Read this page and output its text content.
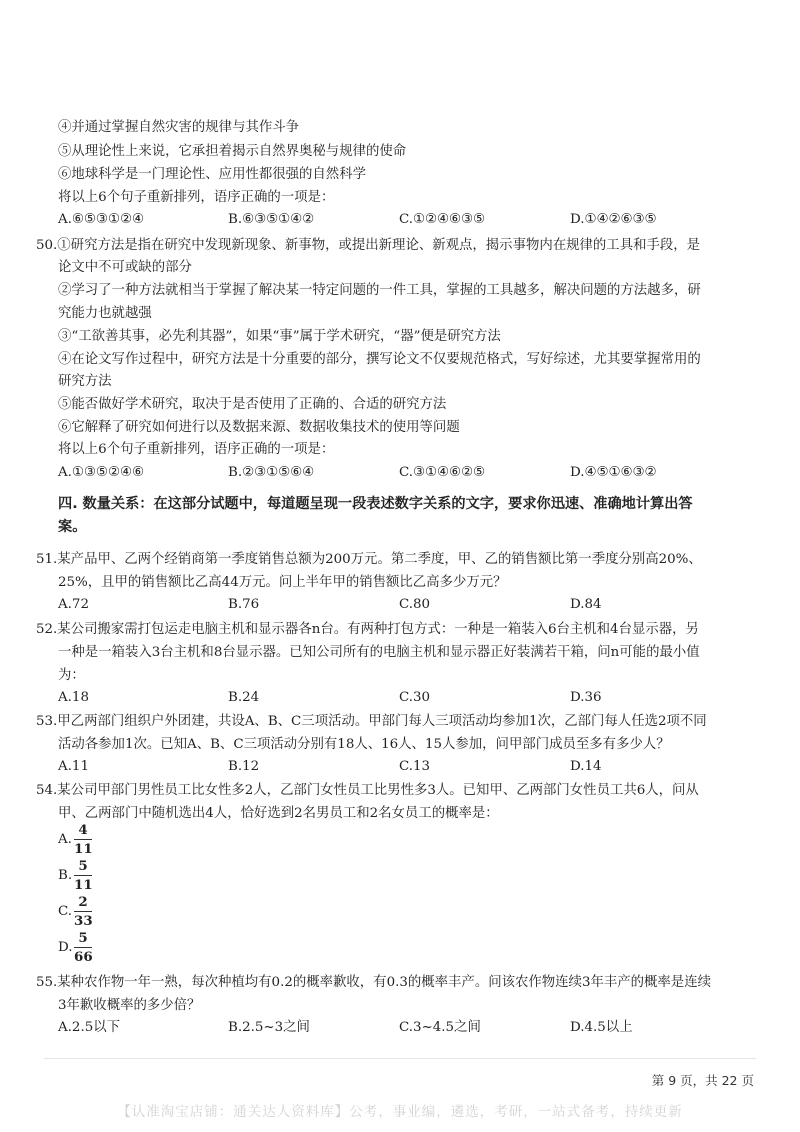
④并通过掌握自然灾害的规律与其作斗争
⑤从理论性上来说，它承担着揭示自然界奥秘与规律的使命
⑥地球科学是一门理论性、应用性都很强的自然科学
将以上6个句子重新排列，语序正确的一项是：
A.⑥⑤③①②④	B.⑥③⑤①④②	C.①②④⑥③⑤	D.①④②⑥③⑤
50.①研究方法是指在研究中发现新现象、新事物，或提出新理论、新观点，揭示事物内在规律的工具和手段，是
论文中不可或缺的部分
②学习了一种方法就相当于掌握了解决某一特定问题的一件工具，掌握的工具越多，解决问题的方法越多，研
究能力也就越强
③“工欲善其事，必先利其器”，如果“事”属于学术研究，“器”便是研究方法
④在论文写作过程中，研究方法是十分重要的部分，撰写论文不仅要规范格式，写好综述，尤其要掌握常用的
研究方法
⑤能否做好学术研究，取决于是否使用了正确的、合适的研究方法
⑥它解释了研究如何进行以及数据来源、数据收集技术的使用等问题
将以上6个句子重新排列，语序正确的一项是：
A.①③⑤②④⑥	B.②③①⑤⑥④	C.③①④⑥②⑤	D.④⑤①⑥③②
四. 数量关系：在这部分试题中，每道题呈现一段表述数字关系的文字，要求你迅速、准确地计算出答
案。
51.某产品甲、乙两个经销商第一季度销售总额为200万元。第二季度，甲、乙的销售额比第一季度分别高20%、
25%，且甲的销售额比乙高44万元。问上半年甲的销售额比乙高多少万元？
A.72	B.76	C.80	D.84
52.某公司搬家需打包运走电脑主机和显示器各n台。有两种打包方式：一种是一箱装入6台主机和4台显示器，另
一种是一箱装入3台主机和8台显示器。已知公司所有的电脑主机和显示器正好装满若干箱，问n可能的最小值
为：
A.18	B.24	C.30	D.36
53.甲乙两部门组织户外团建，共设A、B、C三项活动。甲部门每人三项活动均参加1次，乙部门每人任选2项不同
活动各参加1次。已知A、B、C三项活动分别有18人、16人、15人参加，问甲部门成员至多有多少人？
A.11	B.12	C.13	D.14
54.某公司甲部门男性员工比女性多2人，乙部门女性员工比男性多3人。已知甲、乙两部门女性员工共6人，问从
甲、乙两部门中随机选出4人，恰好选到2名男员工和2名女员工的概率是：
A.
4
11
B.
5
11
C.
2
33
D.
5
66
55.某种农作物一年一熟，每次种植均有0.2的概率歉收，有0.3的概率丰产。问该农作物连续3年丰产的概率是连续
3年歉收概率的多少倍？
A.2.5以下	B.2.5~3之间	C.3~4.5之间	D.4.5以上
第 9 页，共 22 页
【认准淘宝店铺：通关达人资料库】公考，事业编，遴选，考研，一站式备考，持续更新
